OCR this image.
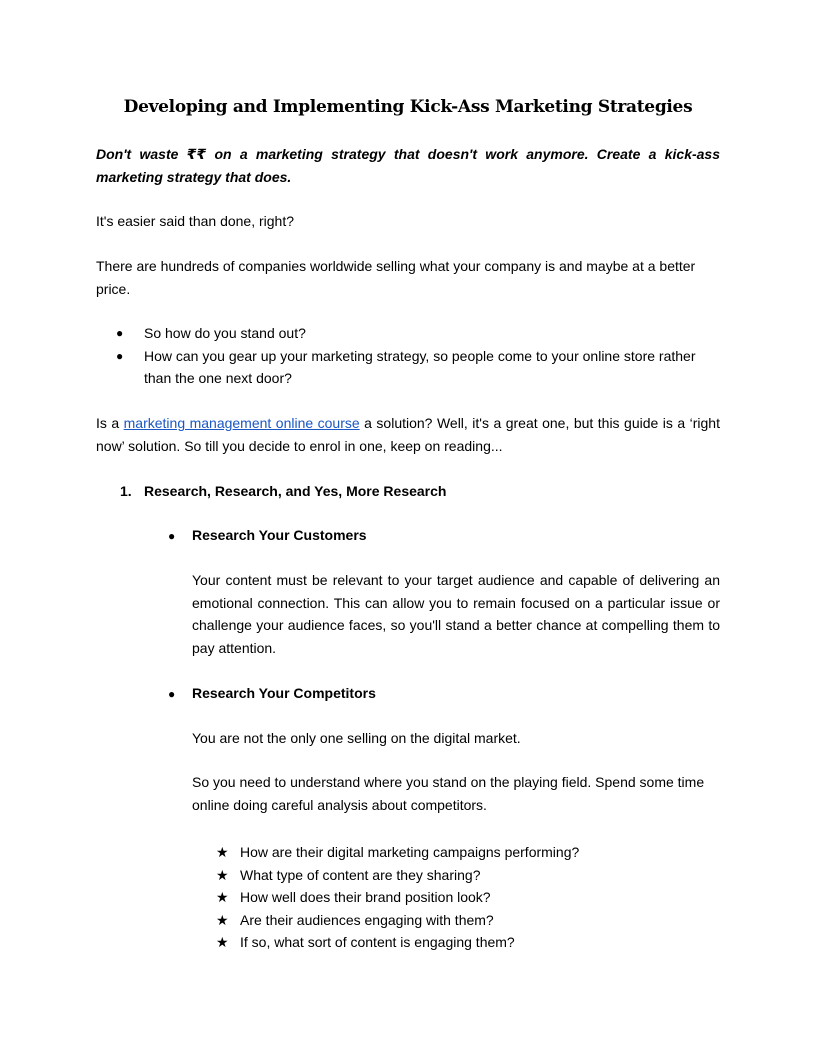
Developing and Implementing Kick-Ass Marketing Strategies

Don't waste ₹₹ on a marketing strategy that doesn't work anymore. Create a kick-ass marketing strategy that does.

It's easier said than done, right?

There are hundreds of companies worldwide selling what your company is and maybe at a better price.

● So how do you stand out?
● How can you gear up your marketing strategy, so people come to your online store rather than the one next door?

Is a marketing management online course a solution? Well, it's a great one, but this guide is a ‘right now’ solution. So till you decide to enrol in one, keep on reading...

1. Research, Research, and Yes, More Research
● Research Your Customers

Your content must be relevant to your target audience and capable of delivering an emotional connection. This can allow you to remain focused on a particular issue or challenge your audience faces, so you'll stand a better chance at compelling them to pay attention.

● Research Your Competitors

You are not the only one selling on the digital market.

So you need to understand where you stand on the playing field. Spend some time online doing careful analysis about competitors.

★ How are their digital marketing campaigns performing?
★ What type of content are they sharing?
★ How well does their brand position look?
★ Are their audiences engaging with them?
★ If so, what sort of content is engaging them?
